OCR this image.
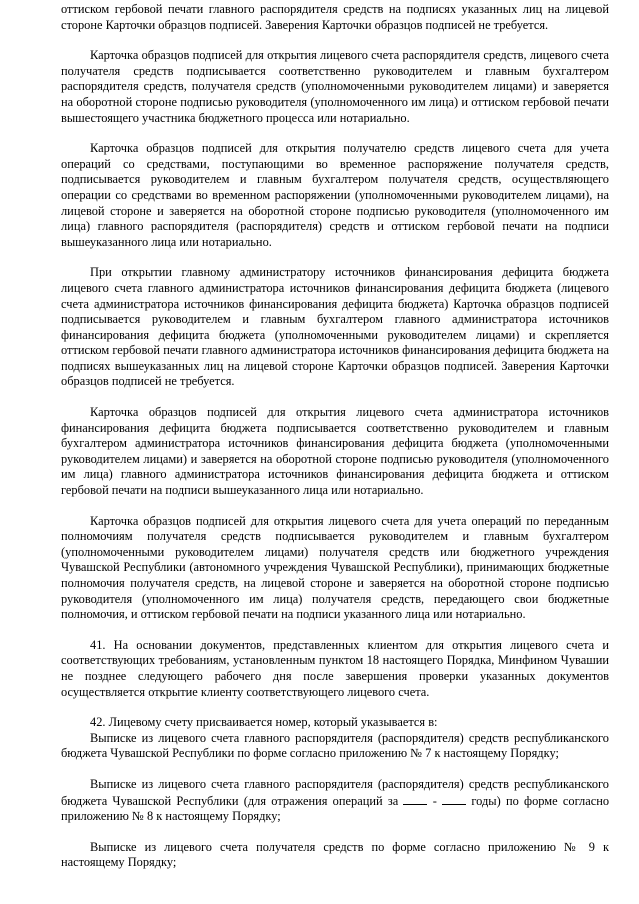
оттиском гербовой печати главного распорядителя средств на подписях указанных лиц на лицевой стороне Карточки образцов подписей. Заверения Карточки образцов подписей не требуется.

Карточка образцов подписей для открытия лицевого счета распорядителя средств, лицевого счета получателя средств подписывается соответственно руководителем и главным бухгалтером распорядителя средств, получателя средств (уполномоченными руководителем лицами) и заверяется на оборотной стороне подписью руководителя (уполномоченного им лица) и оттиском гербовой печати вышестоящего участника бюджетного процесса или нотариально.

Карточка образцов подписей для открытия получателю средств лицевого счета для учета операций со средствами, поступающими во временное распоряжение получателя средств, подписывается руководителем и главным бухгалтером получателя средств, осуществляющего операции со средствами во временном распоряжении (уполномоченными руководителем лицами), на лицевой стороне и заверяется на оборотной стороне подписью руководителя (уполномоченного им лица) главного распорядителя (распорядителя) средств и оттиском гербовой печати на подписи вышеуказанного лица или нотариально.

При открытии главному администратору источников финансирования дефицита бюджета лицевого счета главного администратора источников финансирования дефицита бюджета (лицевого счета администратора источников финансирования дефицита бюджета) Карточка образцов подписей подписывается руководителем и главным бухгалтером главного администратора источников финансирования дефицита бюджета (уполномоченными руководителем лицами) и скрепляется оттиском гербовой печати главного администратора источников финансирования дефицита бюджета на подписях вышеуказанных лиц на лицевой стороне Карточки образцов подписей. Заверения Карточки образцов подписей не требуется.

Карточка образцов подписей для открытия лицевого счета администратора источников финансирования дефицита бюджета подписывается соответственно руководителем и главным бухгалтером администратора источников финансирования дефицита бюджета (уполномоченными руководителем лицами) и заверяется на оборотной стороне подписью руководителя (уполномоченного им лица) главного администратора источников финансирования дефицита бюджета и оттиском гербовой печати на подписи вышеуказанного лица или нотариально.

Карточка образцов подписей для открытия лицевого счета для учета операций по переданным полномочиям получателя средств подписывается руководителем и главным бухгалтером (уполномоченными руководителем лицами) получателя средств или бюджетного учреждения Чувашской Республики (автономного учреждения Чувашской Республики), принимающих бюджетные полномочия получателя средств, на лицевой стороне и заверяется на оборотной стороне подписью руководителя (уполномоченного им лица) получателя средств, передающего свои бюджетные полномочия, и оттиском гербовой печати на подписи указанного лица или нотариально.

41. На основании документов, представленных клиентом для открытия лицевого счета и соответствующих требованиям, установленным пунктом 18 настоящего Порядка, Минфином Чувашии не позднее следующего рабочего дня после завершения проверки указанных документов осуществляется открытие клиенту соответствующего лицевого счета.

42. Лицевому счету присваивается номер, который указывается в:

Выписке из лицевого счета главного распорядителя (распорядителя) средств республиканского бюджета Чувашской Республики по форме согласно приложению № 7 к настоящему Порядку;

Выписке из лицевого счета главного распорядителя (распорядителя) средств республиканского бюджета Чувашской Республики (для отражения операций за	-	годы) по форме согласно приложению № 8 к настоящему Порядку;

Выписке из лицевого счета получателя средств по форме согласно приложению № 9 к настоящему Порядку;
